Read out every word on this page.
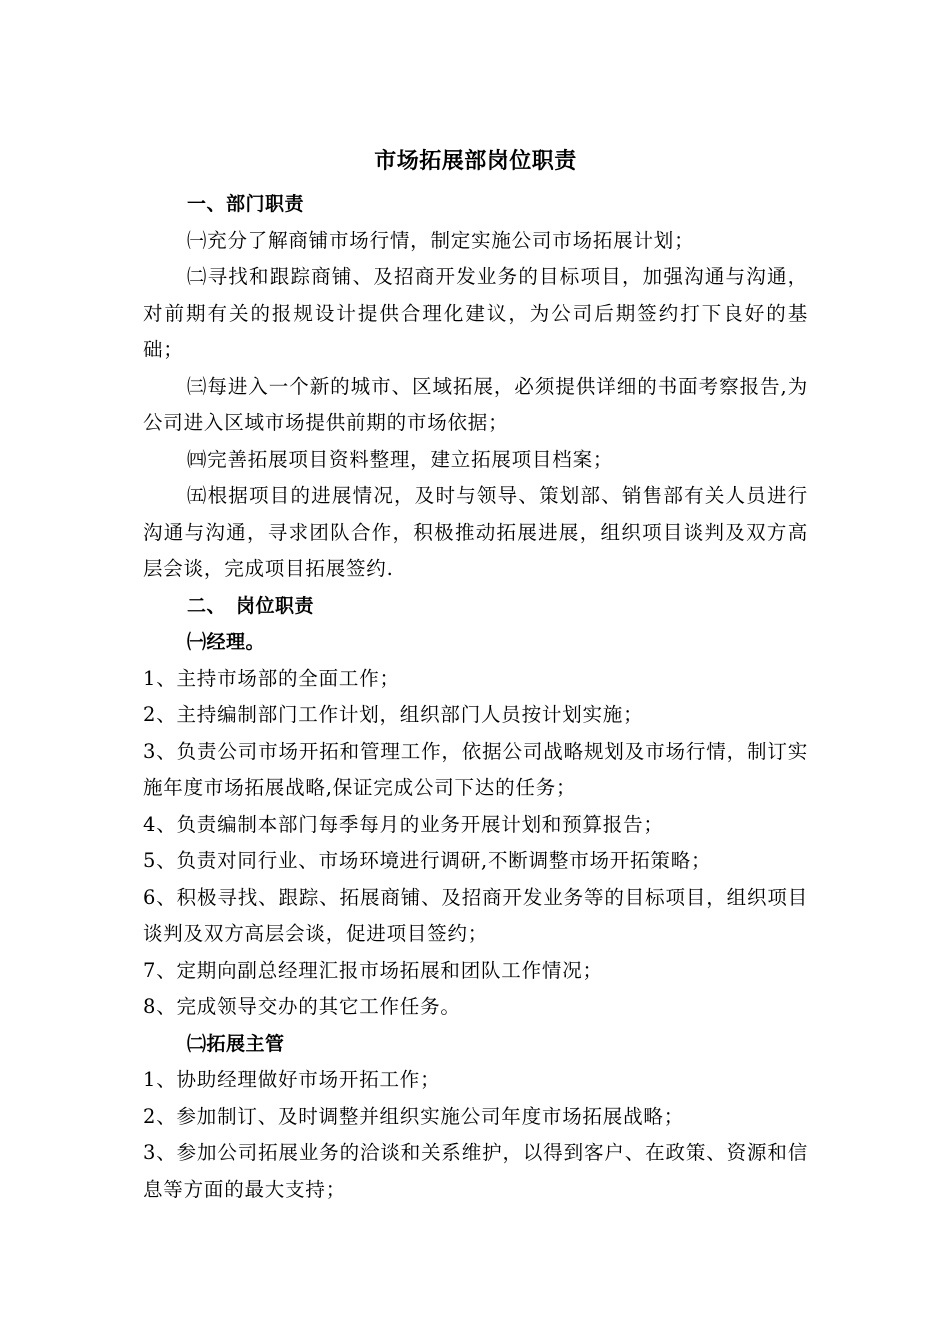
市场拓展部岗位职责
一、部门职责

㈠充分了解商铺市场行情，制定实施公司市场拓展计划；

㈡寻找和跟踪商铺、及招商开发业务的目标项目，加强沟通与沟通，对前期有关的报规设计提供合理化建议，为公司后期签约打下良好的基础；

㈢每进入一个新的城市、区域拓展，必须提供详细的书面考察报告,为公司进入区域市场提供前期的市场依据；

㈣完善拓展项目资料整理，建立拓展项目档案；

㈤根据项目的进展情况，及时与领导、策划部、销售部有关人员进行沟通与沟通，寻求团队合作，积极推动拓展进展，组织项目谈判及双方高层会谈，完成项目拓展签约.

二、　岗位职责
㈠经理。

1、主持市场部的全面工作；

2、主持编制部门工作计划，组织部门人员按计划实施；

3、负责公司市场开拓和管理工作，依据公司战略规划及市场行情，制订实施年度市场拓展战略,保证完成公司下达的任务；

4、负责编制本部门每季每月的业务开展计划和预算报告；

5、负责对同行业、市场环境进行调研,不断调整市场开拓策略；

6、积极寻找、跟踪、拓展商铺、及招商开发业务等的目标项目，组织项目谈判及双方高层会谈，促进项目签约；

7、定期向副总经理汇报市场拓展和团队工作情况；

8、完成领导交办的其它工作任务。

㈡拓展主管

1、协助经理做好市场开拓工作；

2、参加制订、及时调整并组织实施公司年度市场拓展战略；

3、参加公司拓展业务的洽谈和关系维护，以得到客户、在政策、资源和信息等方面的最大支持；
